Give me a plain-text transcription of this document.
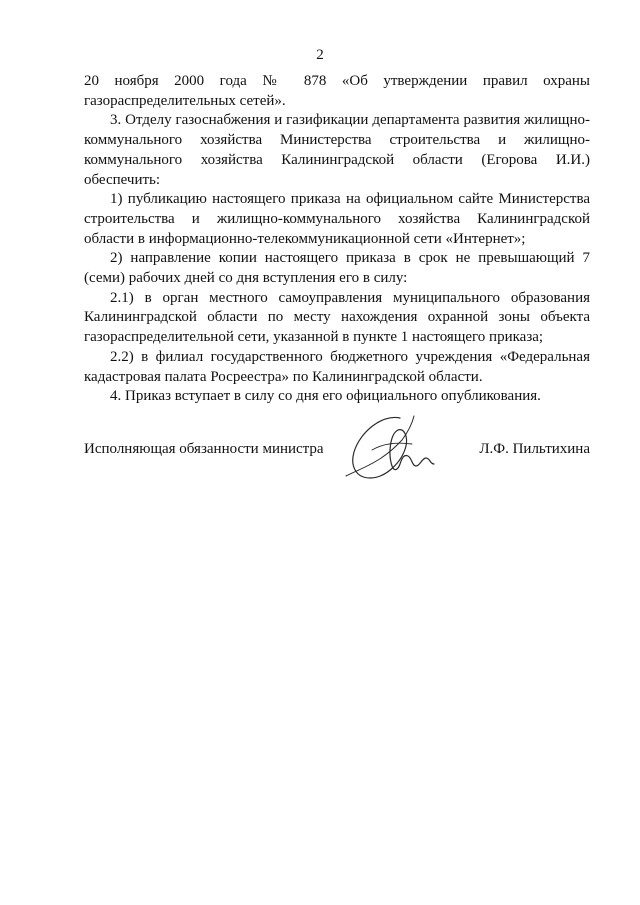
2

20 ноября 2000 года № 878 «Об утверждении правил охраны газораспределительных сетей».

3. Отделу газоснабжения и газификации департамента развития жилищно-коммунального хозяйства Министерства строительства и жилищно-коммунального хозяйства Калининградской области (Егорова И.И.) обеспечить:

1) публикацию настоящего приказа на официальном сайте Министерства строительства и жилищно-коммунального хозяйства Калининградской области в информационно-телекоммуникационной сети «Интернет»;

2) направление копии настоящего приказа в срок не превышающий 7 (семи) рабочих дней со дня вступления его в силу:

2.1) в орган местного самоуправления муниципального образования Калининградской области по месту нахождения охранной зоны объекта газораспределительной сети, указанной в пункте 1 настоящего приказа;

2.2) в филиал государственного бюджетного учреждения «Федеральная кадастровая палата Росреестра» по Калининградской области.

4. Приказ вступает в силу со дня его официального опубликования.

Исполняющая обязанности министра	Л.Ф. Пильтихина
